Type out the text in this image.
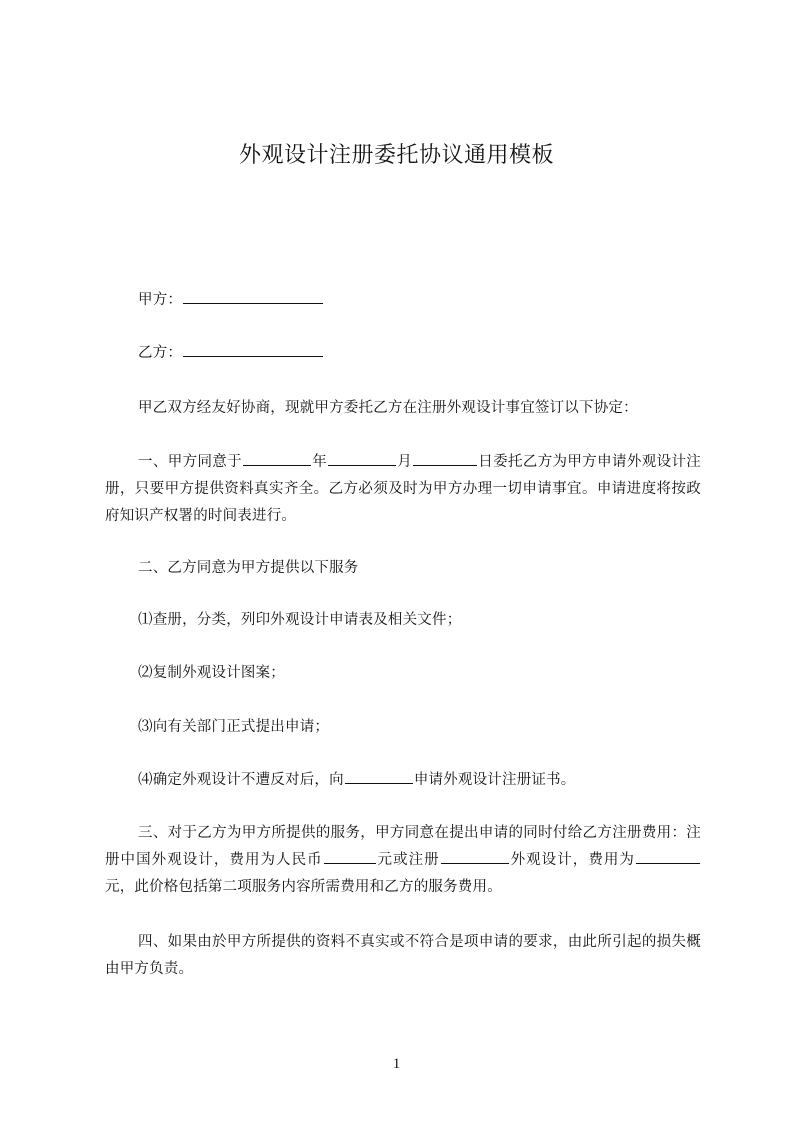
外观设计注册委托协议通用模板
甲方：
乙方：
甲乙双方经友好协商，现就甲方委托乙方在注册外观设计事宜签订以下协定：
一、甲方同意于	年	月	日委托乙方为甲方申请外观设计注册，只要甲方提供资料真实齐全。乙方必须及时为甲方办理一切申请事宜。申请进度将按政府知识产权署的时间表进行。
二、乙方同意为甲方提供以下服务
⑴查册，分类，列印外观设计申请表及相关文件；
⑵复制外观设计图案；
⑶向有关部门正式提出申请；
⑷确定外观设计不遭反对后，向	申请外观设计注册证书。
三、对于乙方为甲方所提供的服务，甲方同意在提出申请的同时付给乙方注册费用：注册中国外观设计，费用为人民币	元或注册	外观设计，费用为元，此价格包括第二项服务内容所需费用和乙方的服务费用。
四、如果由於甲方所提供的资料不真实或不符合是项申请的要求，由此所引起的损失概由甲方负责。
1
